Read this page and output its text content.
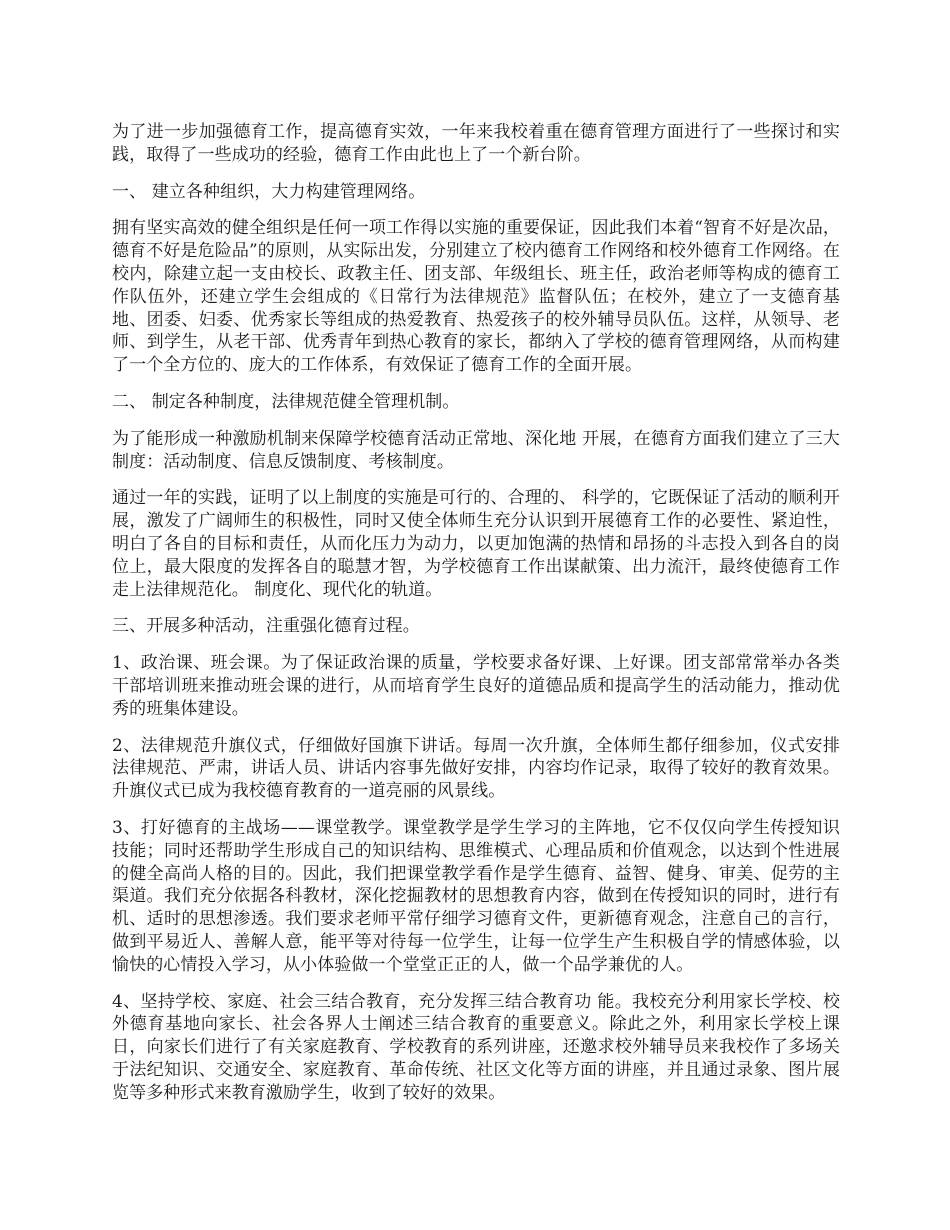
为了进一步加强德育工作，提高德育实效，一年来我校着重在德育管理方面进行了一些探讨和实践，取得了一些成功的经验，德育工作由此也上了一个新台阶。

一、 建立各种组织，大力构建管理网络。

拥有坚实高效的健全组织是任何一项工作得以实施的重要保证，因此我们本着“智育不好是次品，德育不好是危险品”的原则，从实际出发，分别建立了校内德育工作网络和校外德育工作网络。在校内，除建立起一支由校长、政教主任、团支部、年级组长、班主任，政治老师等构成的德育工作队伍外，还建立学生会组成的《日常行为法律规范》监督队伍；在校外，建立了一支德育基地、团委、妇委、优秀家长等组成的热爱教育、热爱孩子的校外辅导员队伍。这样，从领导、老师、到学生，从老干部、优秀青年到热心教育的家长，都纳入了学校的德育管理网络，从而构建了一个全方位的、庞大的工作体系，有效保证了德育工作的全面开展。

二、 制定各种制度，法律规范健全管理机制。

为了能形成一种激励机制来保障学校德育活动正常地、深化地 开展，在德育方面我们建立了三大制度：活动制度、信息反馈制度、考核制度。

通过一年的实践，证明了以上制度的实施是可行的、合理的、 科学的，它既保证了活动的顺利开展，激发了广阔师生的积极性，同时又使全体师生充分认识到开展德育工作的必要性、紧迫性，明白了各自的目标和责任，从而化压力为动力，以更加饱满的热情和昂扬的斗志投入到各自的岗位上，最大限度的发挥各自的聪慧才智，为学校德育工作出谋献策、出力流汗，最终使德育工作走上法律规范化。 制度化、现代化的轨道。

三、开展多种活动，注重强化德育过程。

1、政治课、班会课。为了保证政治课的质量，学校要求备好课、上好课。团支部常常举办各类干部培训班来推动班会课的进行，从而培育学生良好的道德品质和提高学生的活动能力，推动优秀的班集体建设。

2、法律规范升旗仪式，仔细做好国旗下讲话。每周一次升旗，全体师生都仔细参加，仪式安排法律规范、严肃，讲话人员、讲话内容事先做好安排，内容均作记录，取得了较好的教育效果。升旗仪式已成为我校德育教育的一道亮丽的风景线。

3、打好德育的主战场——课堂教学。课堂教学是学生学习的主阵地，它不仅仅向学生传授知识技能；同时还帮助学生形成自己的知识结构、思维模式、心理品质和价值观念，以达到个性进展的健全高尚人格的目的。因此，我们把课堂教学看作是学生德育、益智、健身、审美、促劳的主渠道。我们充分依据各科教材，深化挖掘教材的思想教育内容，做到在传授知识的同时，进行有机、适时的思想渗透。我们要求老师平常仔细学习德育文件，更新德育观念，注意自己的言行，做到平易近人、善解人意，能平等对待每一位学生，让每一位学生产生积极自学的情感体验，以愉快的心情投入学习，从小体验做一个堂堂正正的人，做一个品学兼优的人。

4、坚持学校、家庭、社会三结合教育，充分发挥三结合教育功 能。我校充分利用家长学校、校外德育基地向家长、社会各界人士阐述三结合教育的重要意义。除此之外，利用家长学校上课日，向家长们进行了有关家庭教育、学校教育的系列讲座，还邀求校外辅导员来我校作了多场关于法纪知识、交通安全、家庭教育、革命传统、社区文化等方面的讲座，并且通过录象、图片展览等多种形式来教育激励学生，收到了较好的效果。
